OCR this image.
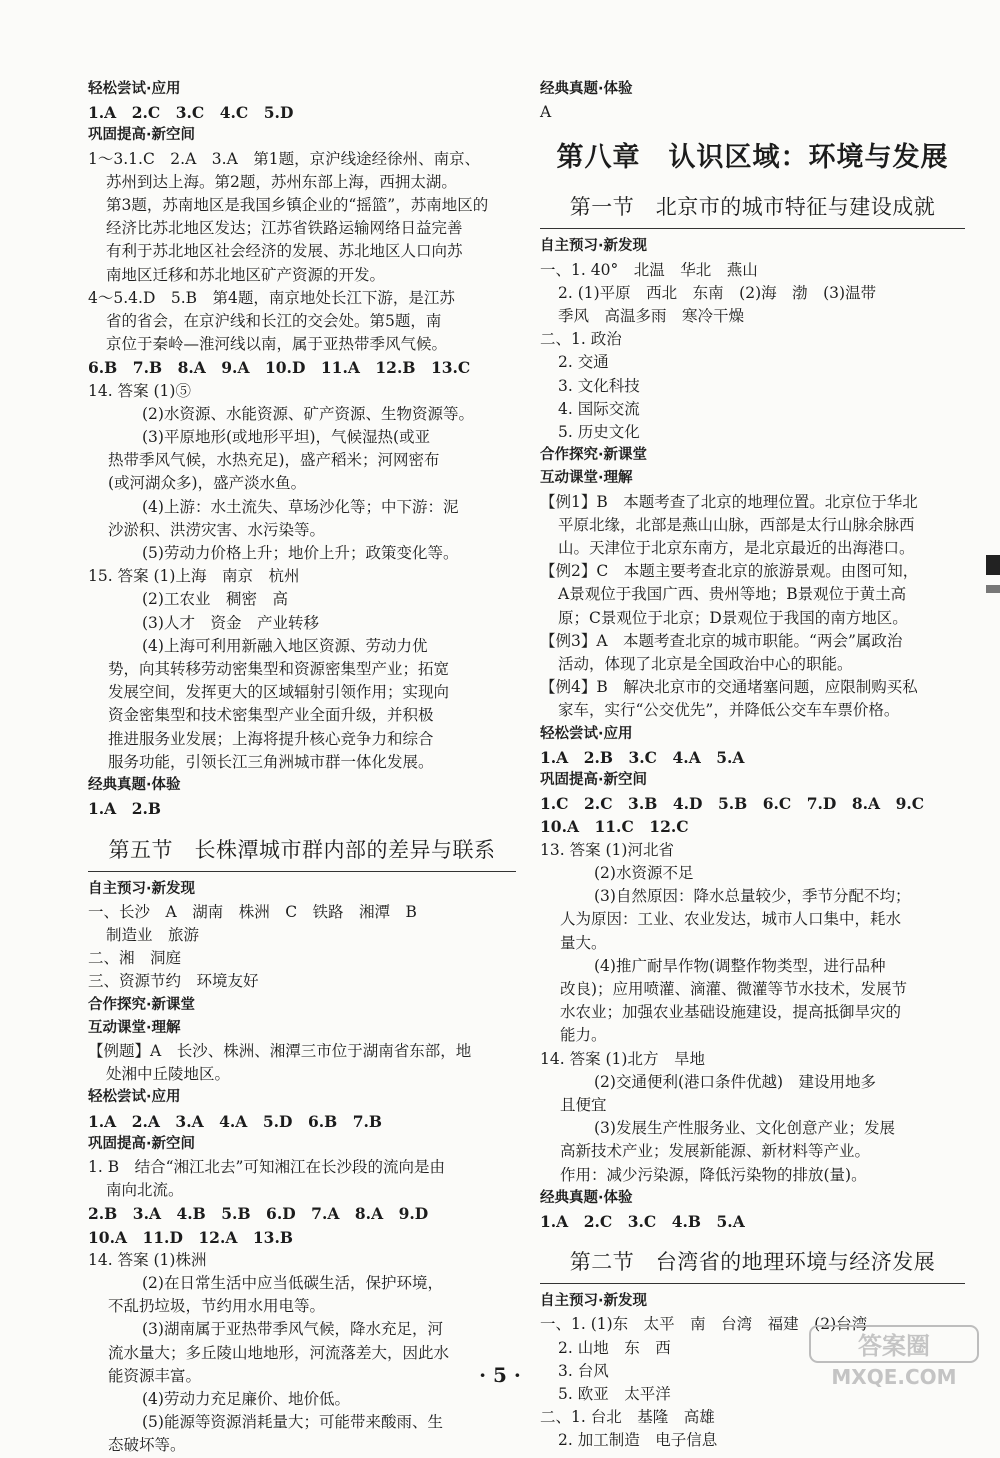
轻松尝试·应用
1.A　2.C　3.C　4.C　5.D
巩固提高·新空间
1～3.1.C　2.A　3.A　第1题，京沪线途经徐州、南京、
苏州到达上海。第2题，苏州东部上海，西拥太湖。
第3题，苏南地区是我国乡镇企业的“摇篮”，苏南地区的
经济比苏北地区发达；江苏省铁路运输网络日益完善
有利于苏北地区社会经济的发展、苏北地区人口向苏
南地区迁移和苏北地区矿产资源的开发。
4～5.4.D　5.B　第4题，南京地处长江下游，是江苏
省的省会，在京沪线和长江的交会处。第5题，南
京位于秦岭—淮河线以南，属于亚热带季风气候。
6.B　7.B　8.A　9.A　10.D　11.A　12.B　13.C
14. 答案 (1)⑤
(2)水资源、水能资源、矿产资源、生物资源等。
(3)平原地形(或地形平坦)，气候湿热(或亚
热带季风气候，水热充足)，盛产稻米；河网密布
(或河湖众多)，盛产淡水鱼。
(4)上游：水土流失、草场沙化等；中下游：泥
沙淤积、洪涝灾害、水污染等。
(5)劳动力价格上升；地价上升；政策变化等。
15. 答案 (1)上海　南京　杭州
(2)工农业　稠密　高
(3)人才　资金　产业转移
(4)上海可利用新融入地区资源、劳动力优
势，向其转移劳动密集型和资源密集型产业；拓宽
发展空间，发挥更大的区域辐射引领作用；实现向
资金密集型和技术密集型产业全面升级，并积极
推进服务业发展；上海将提升核心竞争力和综合
服务功能，引领长江三角洲城市群一体化发展。
经典真题·体验
1.A　2.B
第五节　长株潭城市群内部的差异与联系
自主预习·新发现
一、长沙　A　湖南　株洲　C　铁路　湘潭　B
制造业　旅游
二、湘　洞庭
三、资源节约　环境友好
合作探究·新课堂
互动课堂·理解
【例题】A　长沙、株洲、湘潭三市位于湖南省东部，地
处湘中丘陵地区。
轻松尝试·应用
1.A　2.A　3.A　4.A　5.D　6.B　7.B
巩固提高·新空间
1. B　结合“湘江北去”可知湘江在长沙段的流向是由
南向北流。
2.B　3.A　4.B　5.B　6.D　7.A　8.A　9.D
10.A　11.D　12.A　13.B
14. 答案 (1)株洲
(2)在日常生活中应当低碳生活，保护环境，
不乱扔垃圾，节约用水用电等。
(3)湖南属于亚热带季风气候，降水充足，河
流水量大；多丘陵山地地形，河流落差大，因此水
能资源丰富。
(4)劳动力充足廉价、地价低。
(5)能源等资源消耗量大；可能带来酸雨、生
态破坏等。
经典真题·体验
A
第八章　认识区域：环境与发展
第一节　北京市的城市特征与建设成就
自主预习·新发现
一、1. 40°　北温　华北　燕山
2. (1)平原　西北　东南　(2)海　渤　(3)温带
季风　高温多雨　寒冷干燥
二、1. 政治
2. 交通
3. 文化科技
4. 国际交流
5. 历史文化
合作探究·新课堂
互动课堂·理解
【例1】B　本题考查了北京的地理位置。北京位于华北
平原北缘，北部是燕山山脉，西部是太行山脉余脉西
山。天津位于北京东南方，是北京最近的出海港口。
【例2】C　本题主要考查北京的旅游景观。由图可知，
A景观位于我国广西、贵州等地；B景观位于黄土高
原；C景观位于北京；D景观位于我国的南方地区。
【例3】A　本题考查北京的城市职能。“两会”属政治
活动，体现了北京是全国政治中心的职能。
【例4】B　解决北京市的交通堵塞问题，应限制购买私
家车，实行“公交优先”，并降低公交车车票价格。
轻松尝试·应用
1.A　2.B　3.C　4.A　5.A
巩固提高·新空间
1.C　2.C　3.B　4.D　5.B　6.C　7.D　8.A　9.C
10.A　11.C　12.C
13. 答案 (1)河北省
(2)水资源不足
(3)自然原因：降水总量较少，季节分配不均；
人为原因：工业、农业发达，城市人口集中，耗水
量大。
(4)推广耐旱作物(调整作物类型，进行品种
改良)；应用喷灌、滴灌、微灌等节水技术，发展节
水农业；加强农业基础设施建设，提高抵御旱灾的
能力。
14. 答案 (1)北方　旱地
(2)交通便利(港口条件优越)　建设用地多
且便宜
(3)发展生产性服务业、文化创意产业；发展
高新技术产业；发展新能源、新材料等产业。
作用：减少污染源，降低污染物的排放(量)。
经典真题·体验
1.A　2.C　3.C　4.B　5.A
第二节　台湾省的地理环境与经济发展
自主预习·新发现
一、1. (1)东　太平　南　台湾　福建　(2)台湾
2. 山地　东　西
3. 台风
5. 欧亚　太平洋
二、1. 台北　基隆　高雄
2. 加工制造　电子信息
· 5 ·
答案圈
MXQE.COM
